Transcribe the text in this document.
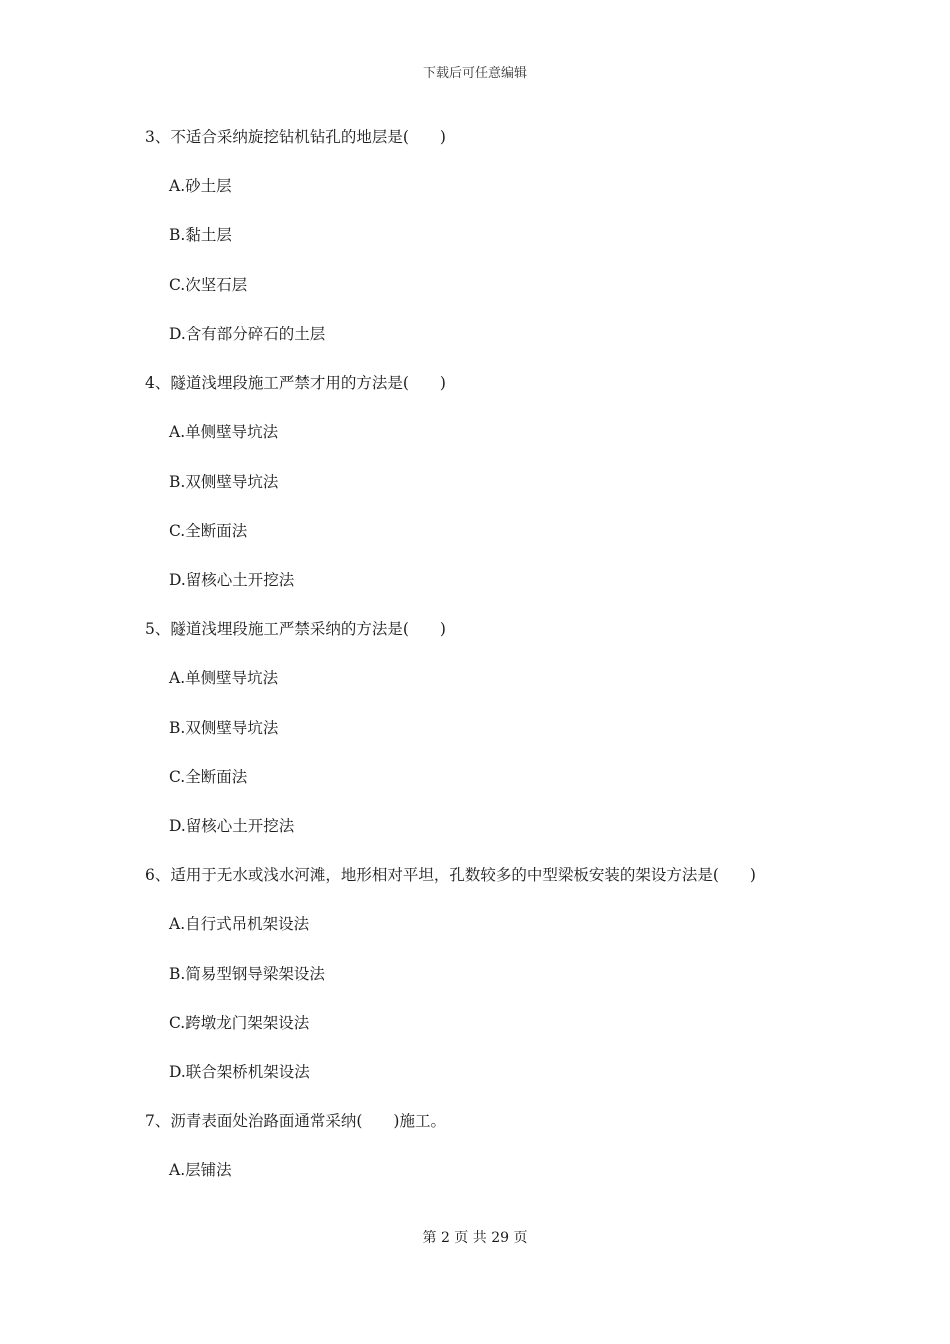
下载后可任意编辑
3、不适合采纳旋挖钻机钻孔的地层是(　　)
A.砂土层
B.黏土层
C.次坚石层
D.含有部分碎石的土层
4、隧道浅埋段施工严禁才用的方法是(　　)
A.单侧壁导坑法
B.双侧壁导坑法
C.全断面法
D.留核心土开挖法
5、隧道浅埋段施工严禁采纳的方法是(　　)
A.单侧壁导坑法
B.双侧壁导坑法
C.全断面法
D.留核心土开挖法
6、适用于无水或浅水河滩，地形相对平坦，孔数较多的中型梁板安装的架设方法是(　　)
A.自行式吊机架设法
B.简易型钢导梁架设法
C.跨墩龙门架架设法
D.联合架桥机架设法
7、沥青表面处治路面通常采纳(　　)施工。
A.层铺法
第 2 页 共 29 页
